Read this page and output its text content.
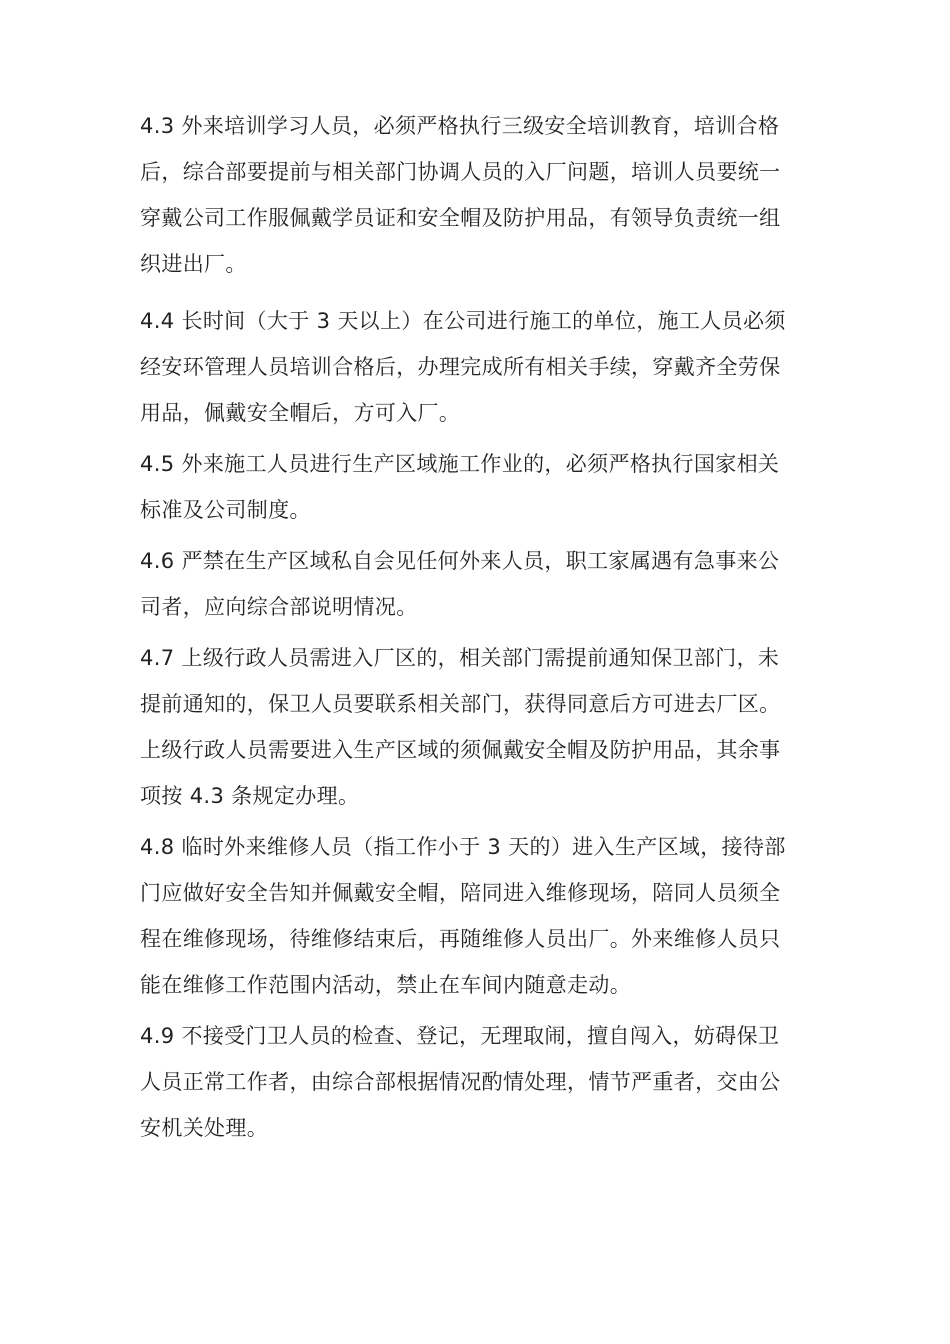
4.3 外来培训学习人员，必须严格执行三级安全培训教育，培训合格
后，综合部要提前与相关部门协调人员的入厂问题，培训人员要统一
穿戴公司工作服佩戴学员证和安全帽及防护用品，有领导负责统一组
织进出厂。

4.4 长时间（大于 3 天以上）在公司进行施工的单位，施工人员必须
经安环管理人员培训合格后，办理完成所有相关手续，穿戴齐全劳保
用品，佩戴安全帽后，方可入厂。

4.5 外来施工人员进行生产区域施工作业的，必须严格执行国家相关
标准及公司制度。

4.6 严禁在生产区域私自会见任何外来人员，职工家属遇有急事来公
司者，应向综合部说明情况。

4.7 上级行政人员需进入厂区的，相关部门需提前通知保卫部门，未
提前通知的，保卫人员要联系相关部门，获得同意后方可进去厂区。
上级行政人员需要进入生产区域的须佩戴安全帽及防护用品，其余事
项按 4.3 条规定办理。

4.8 临时外来维修人员（指工作小于 3 天的）进入生产区域，接待部
门应做好安全告知并佩戴安全帽，陪同进入维修现场，陪同人员须全
程在维修现场，待维修结束后，再随维修人员出厂。外来维修人员只
能在维修工作范围内活动，禁止在车间内随意走动。

4.9 不接受门卫人员的检查、登记，无理取闹，擅自闯入，妨碍保卫
人员正常工作者，由综合部根据情况酌情处理，情节严重者，交由公
安机关处理。
